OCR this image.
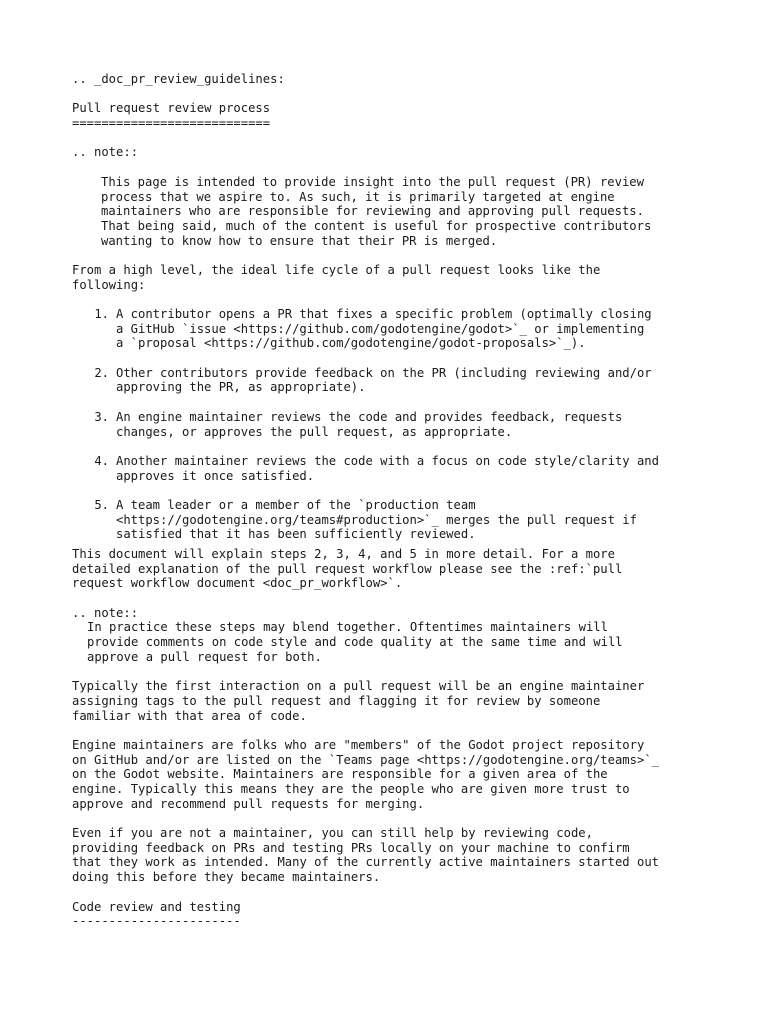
.. _doc_pr_review_guidelines:
Pull request review process
===========================
.. note::
This page is intended to provide insight into the pull request (PR) review
process that we aspire to. As such, it is primarily targeted at engine
maintainers who are responsible for reviewing and approving pull requests.
That being said, much of the content is useful for prospective contributors
wanting to know how to ensure that their PR is merged.
From a high level, the ideal life cycle of a pull request looks like the
following:
1. A contributor opens a PR that fixes a specific problem (optimally closing
a GitHub `issue <https://github.com/godotengine/godot>`_ or implementing
a `proposal <https://github.com/godotengine/godot-proposals>`_).
2. Other contributors provide feedback on the PR (including reviewing and/or
approving the PR, as appropriate).
3. An engine maintainer reviews the code and provides feedback, requests
changes, or approves the pull request, as appropriate.
4. Another maintainer reviews the code with a focus on code style/clarity and
approves it once satisfied.
5. A team leader or a member of the `production team
<https://godotengine.org/teams#production>`_ merges the pull request if
satisfied that it has been sufficiently reviewed.
This document will explain steps 2, 3, 4, and 5 in more detail. For a more
detailed explanation of the pull request workflow please see the :ref:`pull
request workflow document <doc_pr_workflow>`.
.. note::
In practice these steps may blend together. Oftentimes maintainers will
provide comments on code style and code quality at the same time and will
approve a pull request for both.
Typically the first interaction on a pull request will be an engine maintainer
assigning tags to the pull request and flagging it for review by someone
familiar with that area of code.
Engine maintainers are folks who are "members" of the Godot project repository
on GitHub and/or are listed on the `Teams page <https://godotengine.org/teams>`_
on the Godot website. Maintainers are responsible for a given area of the
engine. Typically this means they are the people who are given more trust to
approve and recommend pull requests for merging.
Even if you are not a maintainer, you can still help by reviewing code,
providing feedback on PRs and testing PRs locally on your machine to confirm
that they work as intended. Many of the currently active maintainers started out
doing this before they became maintainers.
Code review and testing
-----------------------
